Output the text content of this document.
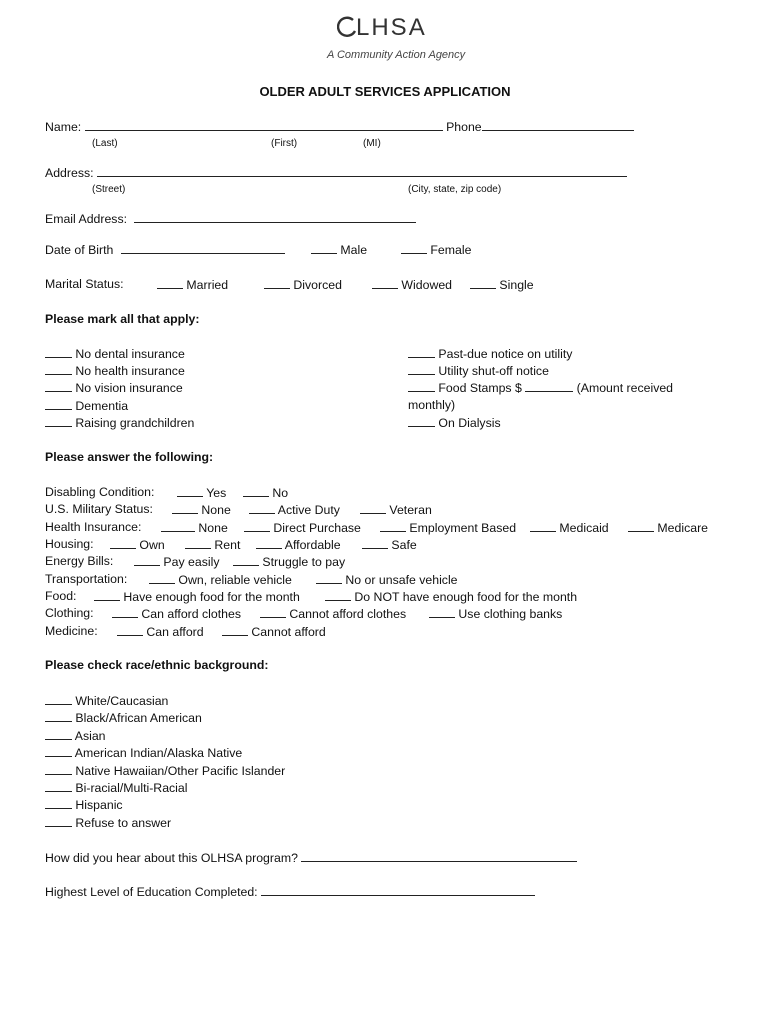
LHSA
A Community Action Agency
OLDER ADULT SERVICES APPLICATION
Name:	Phone
(Last)	(First)	(MI)
Address:
(Street)	(City, state, zip code)
Email Address:
Date of Birth	Male	Female
Marital Status:	Married	Divorced	Widowed	Single
Please mark all that apply:
No dental insurance
No health insurance
No vision insurance
Dementia
Raising grandchildren
Past-due notice on utility
Utility shut-off notice
Food Stamps $	(Amount received
monthly)
On Dialysis
Please answer the following:
Disabling Condition:	Yes	No
U.S. Military Status:	None	Active Duty	Veteran
Health Insurance:	None	Direct Purchase	Employment Based	Medicaid	Medicare
Housing:	Own	Rent	Affordable	Safe
Energy Bills:	Pay easily	Struggle to pay
Transportation:	Own, reliable vehicle	No or unsafe vehicle
Food:	Have enough food for the month	Do NOT have enough food for the month
Clothing:	Can afford clothes	Cannot afford clothes	Use clothing banks
Medicine:	Can afford	Cannot afford
Please check race/ethnic background:
White/Caucasian
Black/African American
Asian
American Indian/Alaska Native
Native Hawaiian/Other Pacific Islander
Bi-racial/Multi-Racial
Hispanic
Refuse to answer
How did you hear about this OLHSA program?
Highest Level of Education Completed:
